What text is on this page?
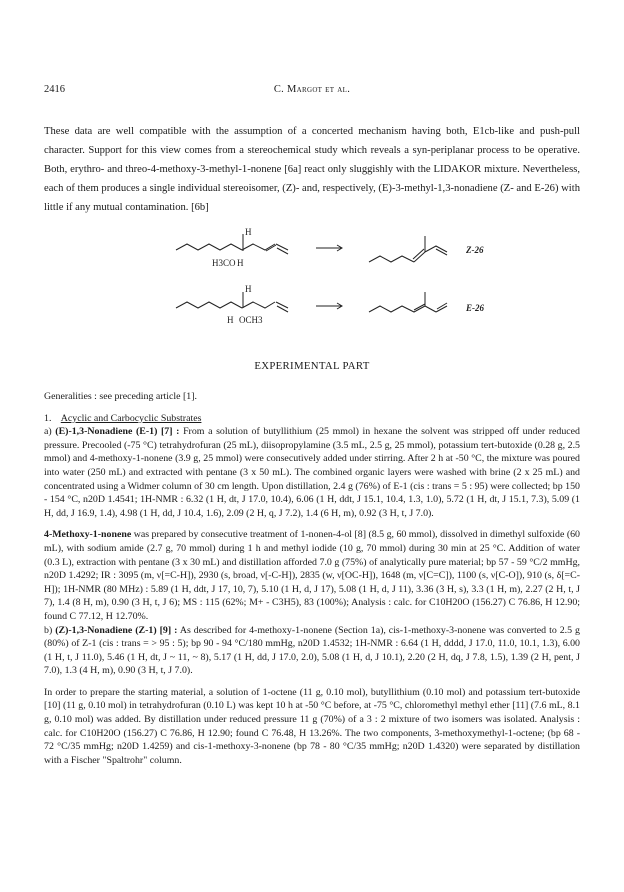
2416	C. Margot et al.
These data are well compatible with the assumption of a concerted mechanism having both, E1cb-like and push-pull character. Support for this view comes from a stereochemical study which reveals a syn-periplanar process to be operative. Both, erythro- and threo-4-methoxy-3-methyl-1-nonene [6a] react only sluggishly with the LIDAKOR mixture. Nevertheless, each of them produces a single individual stereoisomer, (Z)- and, respectively, (E)-3-methyl-1,3-nonadiene (Z- and E-26) with little if any mutual contamination. [6b]
H
H3CO H
Z-26
H
H OCH3
E-26
EXPERIMENTAL PART

Generalities : see preceding article [1].

1. Acyclic and Carbocyclic Substrates

a) (E)-1,3-Nonadiene (E-1) [7] : From a solution of butyllithium (25 mmol) in hexane the solvent was stripped off under reduced pressure. Precooled (-75 °C) tetrahydrofuran (25 mL), diisopropylamine (3.5 mL, 2.5 g, 25 mmol), potassium tert-butoxide (0.28 g, 2.5 mmol) and 4-methoxy-1-nonene (3.9 g, 25 mmol) were consecutively added under stirring. After 2 h at -50 °C, the mixture was poured into water (250 mL) and extracted with pentane (3 x 50 mL). The combined organic layers were washed with brine (2 x 25 mL) and concentrated using a Widmer column of 30 cm length. Upon distillation, 2.4 g (76%) of E-1 (cis : trans = 5 : 95) were collected; bp 150 - 154 °C, n20D 1.4541; 1H-NMR : 6.32 (1 H, dt, J 17.0, 10.4), 6.06 (1 H, ddt, J 15.1, 10.4, 1.3, 1.0), 5.72 (1 H, dt, J 15.1, 7.3), 5.09 (1 H, dd, J 16.9, 1.4), 4.98 (1 H, dd, J 10.4, 1.6), 2.09 (2 H, q, J 7.2), 1.4 (6 H, m), 0.92 (3 H, t, J 7.0).

4-Methoxy-1-nonene was prepared by consecutive treatment of 1-nonen-4-ol [8] (8.5 g, 60 mmol), dissolved in dimethyl sulfoxide (60 mL), with sodium amide (2.7 g, 70 mmol) during 1 h and methyl iodide (10 g, 70 mmol) during 30 min at 25 °C. Addition of water (0.3 L), extraction with pentane (3 x 30 mL) and distillation afforded 7.0 g (75%) of analytically pure material; bp 57 - 59 °C/2 mmHg, n20D 1.4292; IR : 3095 (m, ν[=C-H]), 2930 (s, broad, ν[-C-H]), 2835 (w, ν[OC-H]), 1648 (m, ν[C=C]), 1100 (s, ν[C-O]), 910 (s, δ[=C-H]); 1H-NMR (80 MHz) : 5.89 (1 H, ddt, J 17, 10, 7), 5.10 (1 H, d, J 17), 5.08 (1 H, d, J 11), 3.36 (3 H, s), 3.3 (1 H, m), 2.27 (2 H, t, J 7), 1.4 (8 H, m), 0.90 (3 H, t, J 6); MS : 115 (62%; M+ - C3H5), 83 (100%); Analysis : calc. for C10H20O (156.27) C 76.86, H 12.90; found C 77.12, H 12.70%.

b) (Z)-1,3-Nonadiene (Z-1) [9] : As described for 4-methoxy-1-nonene (Section 1a), cis-1-methoxy-3-nonene was converted to 2.5 g (80%) of Z-1 (cis : trans = > 95 : 5); bp 90 - 94 °C/180 mmHg, n20D 1.4532; 1H-NMR : 6.64 (1 H, dddd, J 17.0, 11.0, 10.1, 1.3), 6.00 (1 H, t, J 11.0), 5.46 (1 H, dt, J ~ 11, ~ 8), 5.17 (1 H, dd, J 17.0, 2.0), 5.08 (1 H, d, J 10.1), 2.20 (2 H, dq, J 7.8, 1.5), 1.39 (2 H, pent, J 7.0), 1.3 (4 H, m), 0.90 (3 H, t, J 7.0).

In order to prepare the starting material, a solution of 1-octene (11 g, 0.10 mol), butyllithium (0.10 mol) and potassium tert-butoxide [10] (11 g, 0.10 mol) in tetrahydrofuran (0.10 L) was kept 10 h at -50 °C before, at -75 °C, chloromethyl methyl ether [11] (7.6 mL, 8.1 g, 0.10 mol) was added. By distillation under reduced pressure 11 g (70%) of a 3 : 2 mixture of two isomers was isolated. Analysis : calc. for C10H20O (156.27) C 76.86, H 12.90; found C 76.48, H 13.26%. The two components, 3-methoxymethyl-1-octene; (bp 68 - 72 °C/35 mmHg; n20D 1.4259) and cis-1-methoxy-3-nonene (bp 78 - 80 °C/35 mmHg; n20D 1.4320) were separated by distillation with a Fischer "Spaltrohr" column.
